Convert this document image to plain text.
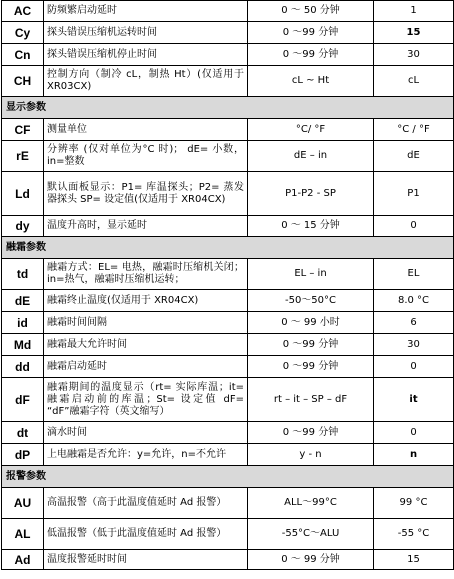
AC	防频繁启动延时	0 ～ 50 分钟	1
Cy	探头错误压缩机运转时间	0 ～99 分钟	15
Cn	探头错误压缩机停止时间	0 ～99 分钟	30
CH	控制方向（制冷 cL，制热 Ht）(仅适用于 XR03CX)	cL ~ Ht	cL
显示参数			
CF	测量单位	°C/ °F	°C / °F
rE	分辨率 (仅对单位为°C 时)； dE= 小数，in=整数	dE – in	dE
Ld	默认面板显示：P1= 库温探头；P2= 蒸发器探头 SP= 设定值(仅适用于 XR04CX)	P1-P2 - SP	P1
dy	温度升高时，显示延时	0 ～ 15 分钟	0
融霜参数			
td	融霜方式：EL= 电热，融霜时压缩机关闭；in=热气，融霜时压缩机运转；	EL – in	EL
dE	融霜终止温度(仅适用于 XR04CX)	-50～50°C	8.0 °C
id	融霜时间间隔	0 ～ 99 小时	6
Md	融霜最大允许时间	0 ～99 分钟	30
dd	融霜启动延时	0 ～99 分钟	0
dF	融霜期间的温度显示（rt= 实际库温；it= 融霜启动前的库温；St= 设定值 dF= “dF”融霜字符（英文缩写）	rt – it – SP – dF	it
dt	滴水时间	0 ～99 分钟	0
dP	上电融霜是否允许：y=允许，n=不允许	y - n	n
报警参数			
AU	高温报警（高于此温度值延时 Ad 报警）	ALL～99°C	99 °C
AL	低温报警（低于此温度值延时 Ad 报警）	-55°C～ALU	-55 °C
Ad	温度报警延时时间	0 ～ 99 分钟	15
